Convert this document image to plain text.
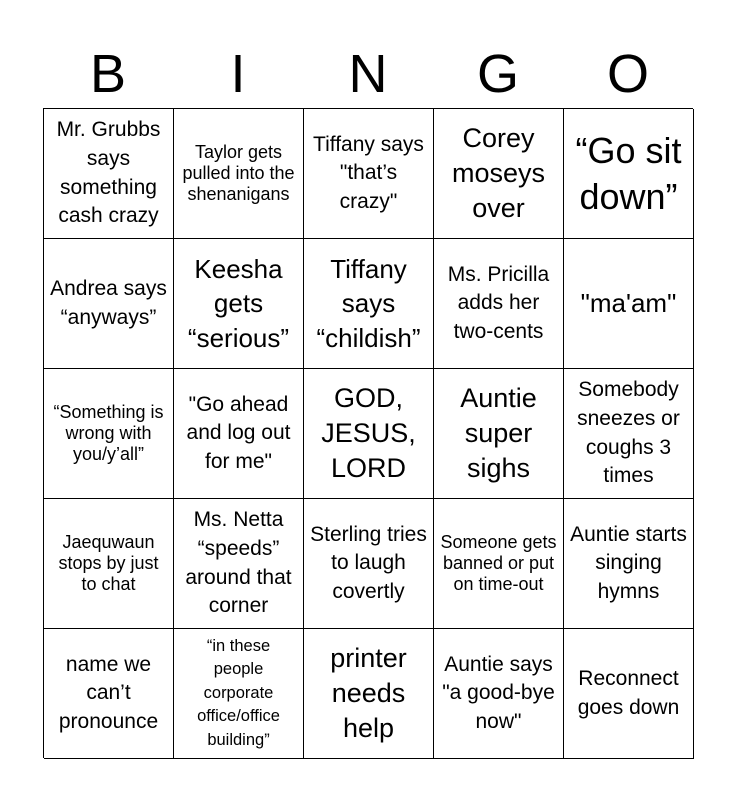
B	I	N	G	O
Mr. Grubbs says something cash crazy
Taylor gets pulled into the shenanigans
Tiffany says "that’s crazy"
Corey moseys over
“Go sit down”
Andrea says “anyways”
Keesha gets “serious”
Tiffany says “childish”
Ms. Pricilla adds her two-cents
"ma'am"
“Something is wrong with you/y’all”
"Go ahead and log out for me"
GOD, JESUS, LORD
Auntie super sighs
Somebody sneezes or coughs 3 times
Jaequwaun stops by just to chat
Ms. Netta “speeds” around that corner
Sterling tries to laugh covertly
Someone gets banned or put on time-out
Auntie starts singing hymns
name we can’t pronounce
“in these people corporate office/office building”
printer needs help
Auntie says "a good-bye now"
Reconnect goes down
